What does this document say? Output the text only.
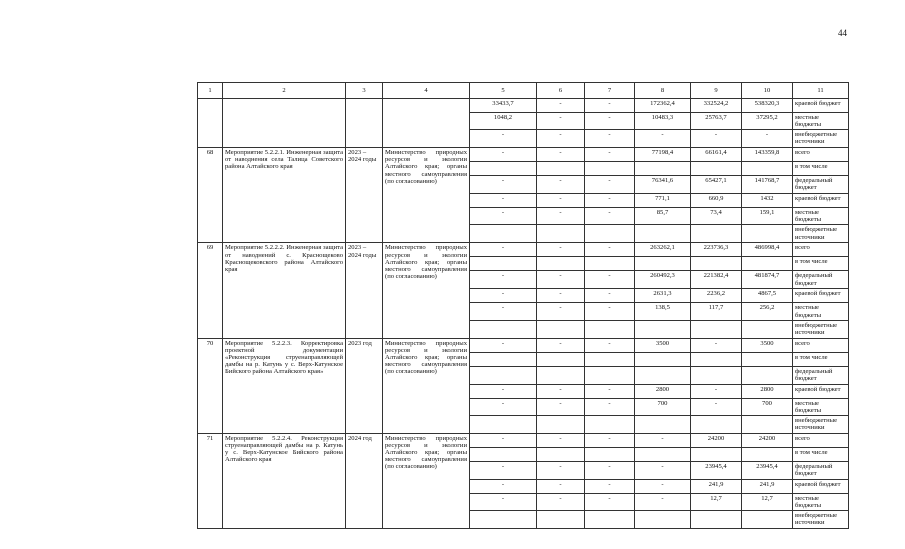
44
1	2	3	4	5	6	7	8	9	10	11
				33433,7	-	-	172362,4	332524,2	538320,3	краевой бюджет
				1048,2	-	-	10483,3	25763,7	37295,2	местные бюджеты
				-	-	-	-	-	-	внебюджетные источники
68	Мероприятие 5.2.2.1. Инженерная защита от наводнения села Талица Советского района Алтайского края	2023 – 2024 годы	Министерство природных ресурсов и экологии Алтайского края; органы местного самоуправления (по согласованию)	-	-	-	77198,4	66161,4	143359,8	всего
										в том числе
				-	-	-	76341,6	65427,1	141768,7	федеральный бюджет
				-	-	-	771,1	660,9	1432	краевой бюджет
				-	-	-	85,7	73,4	159,1	местные бюджеты
										внебюджетные источники
69	Мероприятие 5.2.2.2. Инженерная защита от наводнений с. Краснощеково Краснощековского района Алтайского края	2023 – 2024 годы	Министерство природных ресурсов и экологии Алтайского края; органы местного самоуправления (по согласованию)	-	-	-	263262,1	223736,3	486998,4	всего
										в том числе
				-	-	-	260492,3	221382,4	481874,7	федеральный бюджет
				-	-	-	2631,3	2236,2	4867,5	краевой бюджет
				-	-	-	138,5	117,7	256,2	местные бюджеты
										внебюджетные источники
70	Мероприятие 5.2.2.3. Корректировка проектной документации «Реконструкция струенаправляющей дамбы на р. Катунь у с. Верх-Катунское Бийского района Алтайского края»	2023 год	Министерство природных ресурсов и экологии Алтайского края; органы местного самоуправления (по согласованию)	-	-	-	3500	-	3500	всего
										в том числе
										федеральный бюджет
				-	-	-	2800	-	2800	краевой бюджет
				-	-	-	700	-	700	местные бюджеты
										внебюджетные источники
71	Мероприятие 5.2.2.4. Реконструкция струенаправляющей дамбы на р. Катунь у с. Верх-Катунское Бийского района Алтайского края	2024 год	Министерство природных ресурсов и экологии Алтайского края; органы местного самоуправления (по согласованию)	-	-	-	-	24200	24200	всего
										в том числе
				-	-	-	-	23945,4	23945,4	федеральный бюджет
				-	-	-	-	241,9	241,9	краевой бюджет
				-	-	-	-	12,7	12,7	местные бюджеты
										внебюджетные источники
